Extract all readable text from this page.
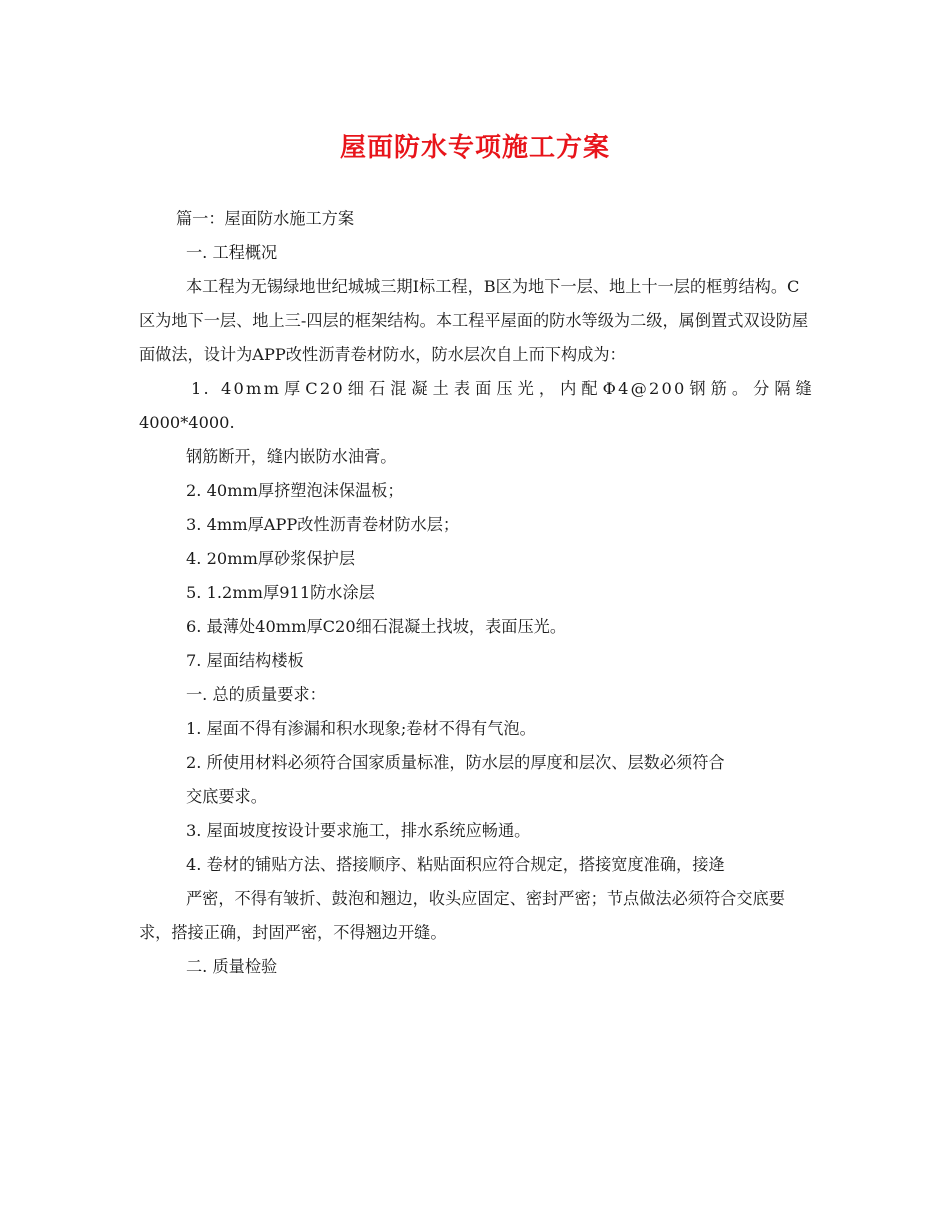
屋面防水专项施工方案

篇一：屋面防水施工方案

一. 工程概况

本工程为无锡绿地世纪城城三期Ⅰ标工程，B区为地下一层、地上十一层的框剪结构。C区为地下一层、地上三-四层的框架结构。本工程平屋面的防水等级为二级，属倒置式双设防屋面做法，设计为APP改性沥青卷材防水，防水层次自上而下构成为：

1. 40mm厚C20细石混凝土表面压光，内配Φ4@200钢筋。分隔缝

4000*4000.

钢筋断开，缝内嵌防水油膏。

2. 40mm厚挤塑泡沫保温板；

3. 4mm厚APP改性沥青卷材防水层；

4. 20mm厚砂浆保护层

5. 1.2mm厚911防水涂层

6. 最薄处40mm厚C20细石混凝土找坡，表面压光。

7. 屋面结构楼板

一. 总的质量要求：

1. 屋面不得有渗漏和积水现象;卷材不得有气泡。

2. 所使用材料必须符合国家质量标准，防水层的厚度和层次、层数必须符合

交底要求。

3. 屋面坡度按设计要求施工，排水系统应畅通。

4. 卷材的铺贴方法、搭接顺序、粘贴面积应符合规定，搭接宽度准确，接逄

严密，不得有皱折、鼓泡和翘边，收头应固定、密封严密；节点做法必须符合交底要求，搭接正确，封固严密，不得翘边开缝。

二. 质量检验
